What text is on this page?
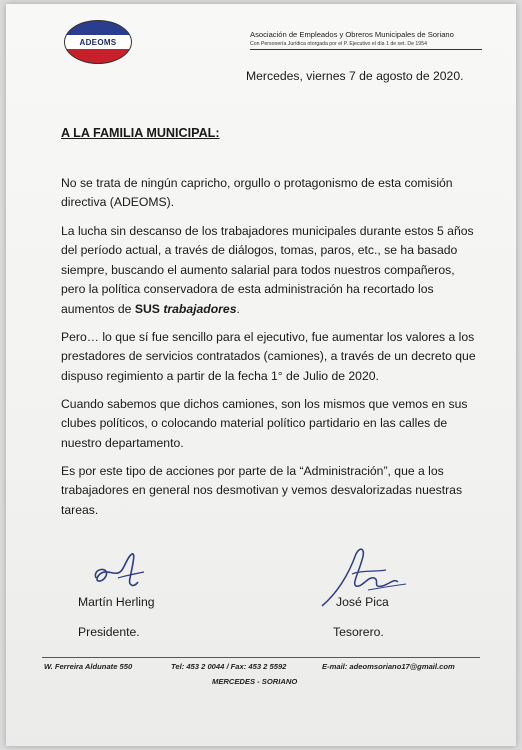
ADEOMS
Asociación de Empleados y Obreros Municipales de Soriano
Con Personería Jurídica otorgada por el P. Ejecutivo el día 1 de set. De 1954
Mercedes, viernes 7 de agosto de 2020.
A LA FAMILIA MUNICIPAL:
No se trata de ningún capricho, orgullo o protagonismo de esta comisión directiva (ADEOMS).
La lucha sin descanso de los trabajadores municipales durante estos 5 años del período actual, a través de diálogos, tomas, paros, etc., se ha basado siempre, buscando el aumento salarial para todos nuestros compañeros, pero la política conservadora de esta administración ha recortado los aumentos de SUS trabajadores.
Pero… lo que sí fue sencillo para el ejecutivo, fue aumentar los valores a los prestadores de servicios contratados (camiones), a través de un decreto que dispuso regimiento a partir de la fecha 1° de Julio de 2020.
Cuando sabemos que dichos camiones, son los mismos que vemos en sus clubes políticos, o colocando material político partidario en las calles de nuestro departamento.
Es por este tipo de acciones por parte de la “Administración”, que a los trabajadores en general nos desmotivan y vemos desvalorizadas nuestras tareas.
Martín Herling
Presidente.
José Pica
Tesorero.
W. Ferreira Aldunate 550	Tel: 453 2 0044 / Fax: 453 2 5592	E-mail: adeomsoriano17@gmail.com
MERCEDES - SORIANO
